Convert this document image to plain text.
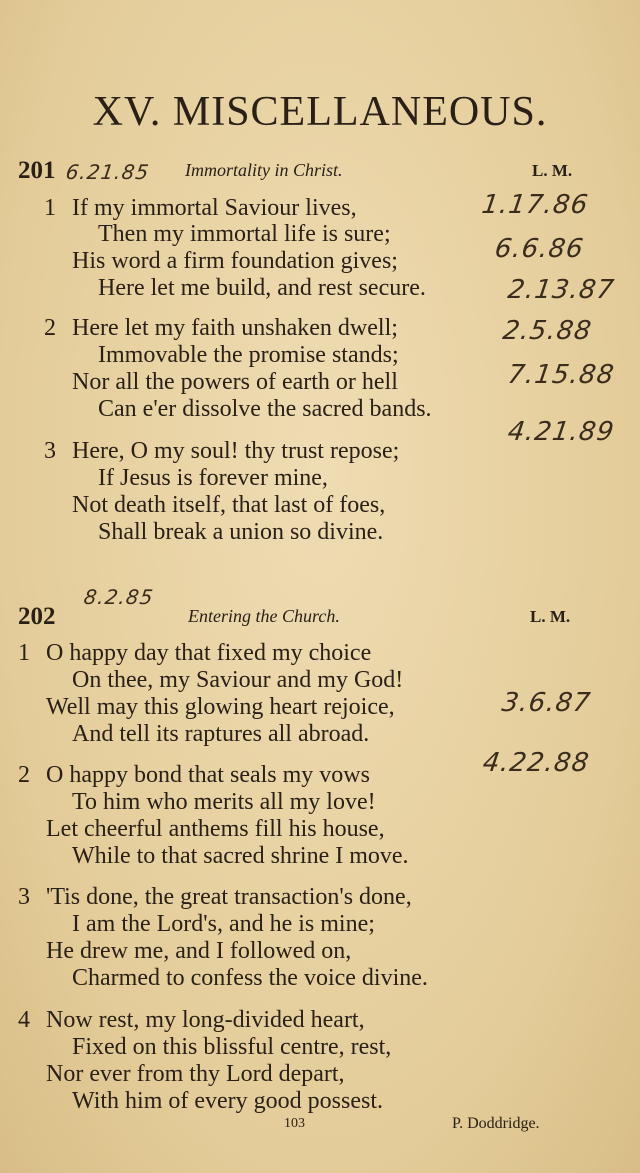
XV. MISCELLANEOUS.
201	Immortality in Christ.	L. M.
1 If my immortal Saviour lives,
Then my immortal life is sure;
His word a firm foundation gives;
Here let me build, and rest secure.
2 Here let my faith unshaken dwell;
Immovable the promise stands;
Nor all the powers of earth or hell
Can e'er dissolve the sacred bands.
3 Here, O my soul! thy trust repose;
If Jesus is forever mine,
Not death itself, that last of foes,
Shall break a union so divine.
202	Entering the Church.	L. M.
1 O happy day that fixed my choice
On thee, my Saviour and my God!
Well may this glowing heart rejoice,
And tell its raptures all abroad.
2 O happy bond that seals my vows
To him who merits all my love!
Let cheerful anthems fill his house,
While to that sacred shrine I move.
3 'Tis done, the great transaction's done,
I am the Lord's, and he is mine;
He drew me, and I followed on,
Charmed to confess the voice divine.
4 Now rest, my long-divided heart,
Fixed on this blissful centre, rest,
Nor ever from thy Lord depart,
With him of every good possest.
103	P. Doddridge.
6.21.85
1.17.86
6.6.86
2.13.87
2.5.88
7.15.88
4.21.89
8.2.85
3.6.87
4.22.88
